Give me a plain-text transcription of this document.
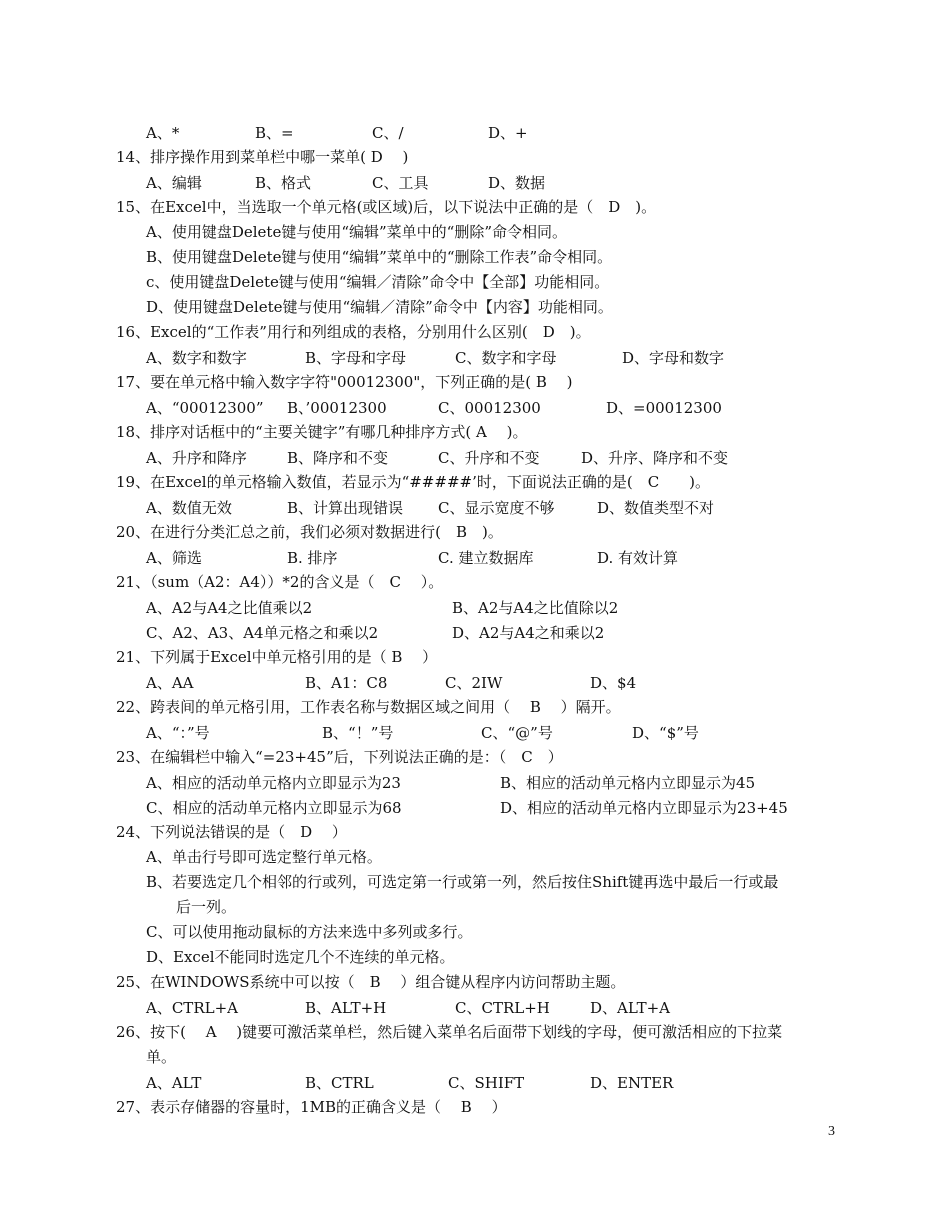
A、*	B、=	C、/	D、+
14、排序操作用到菜单栏中哪一菜单( D　 )
A、编辑	B、格式	C、工具	D、数据
15、在Excel中，当选取一个单元格(或区域)后，以下说法中正确的是（　D　)。
A、使用键盘Delete键与使用“编辑”菜单中的“删除”命令相同。
B、使用键盘Delete键与使用“编辑”菜单中的“删除工作表”命令相同。
c、使用键盘Delete键与使用“编辑／清除”命令中【全部】功能相同。
D、使用键盘Delete键与使用“编辑／清除”命令中【内容】功能相同。
16、Excel的“工作表”用行和列组成的表格，分别用什么区别(　D　)。
A、数字和数字	B、字母和字母	C、数字和字母	D、字母和数字
17、要在单元格中输入数字字符"00012300"，下列正确的是( B　 )
A、“00012300” B、’00012300	C、00012300	D、=00012300
18、排序对话框中的“主要关键字”有哪几种排序方式( A　 )。
A、升序和降序	B、降序和不变	C、升序和不变	D、升序、降序和不变
19、在Excel的单元格输入数值，若显示为“#####’时，下面说法正确的是(　C　　)。
A、数值无效	B、计算出现错误 C、显示宽度不够	D、数值类型不对
20、在进行分类汇总之前，我们必须对数据进行(　B　)。
A、筛选	B. 排序	C. 建立数据库	D. 有效计算
21、（sum（A2：A4））*2的含义是（　C　 ）。
A、A2与A4之比值乘以2	B、A2与A4之比值除以2
C、A2、A3、A4单元格之和乘以2	D、A2与A4之和乘以2
21、下列属于Excel中单元格引用的是（ B　 ）
A、AA	B、A1：C8	C、2IW	D、$4
22、跨表间的单元格引用，工作表名称与数据区域之间用（　 B　 ）隔开。
A、“：”号	B、“！”号	C、“@”号	D、“$”号
23、在编辑栏中输入“=23+45”后，下列说法正确的是：（　C　）
A、相应的活动单元格内立即显示为23	B、相应的活动单元格内立即显示为45
C、相应的活动单元格内立即显示为68	D、相应的活动单元格内立即显示为23+45
24、下列说法错误的是（　D　 ）
A、单击行号即可选定整行单元格。
B、若要选定几个相邻的行或列，可选定第一行或第一列，然后按住Shift键再选中最后一行或最
后一列。
C、可以使用拖动鼠标的方法来选中多列或多行。
D、Excel不能同时选定几个不连续的单元格。
25、在WINDOWS系统中可以按（　B　 ）组合键从程序内访问帮助主题。
A、CTRL+A	B、ALT+H	C、CTRL+H	D、ALT+A
26、按下(　 A　 )键要可激活菜单栏，然后键入菜单名后面带下划线的字母，便可激活相应的下拉菜
单。
A、ALT	B、CTRL	C、SHIFT	D、ENTER
27、表示存储器的容量时，1MB的正确含义是（　 B　 ）
3
